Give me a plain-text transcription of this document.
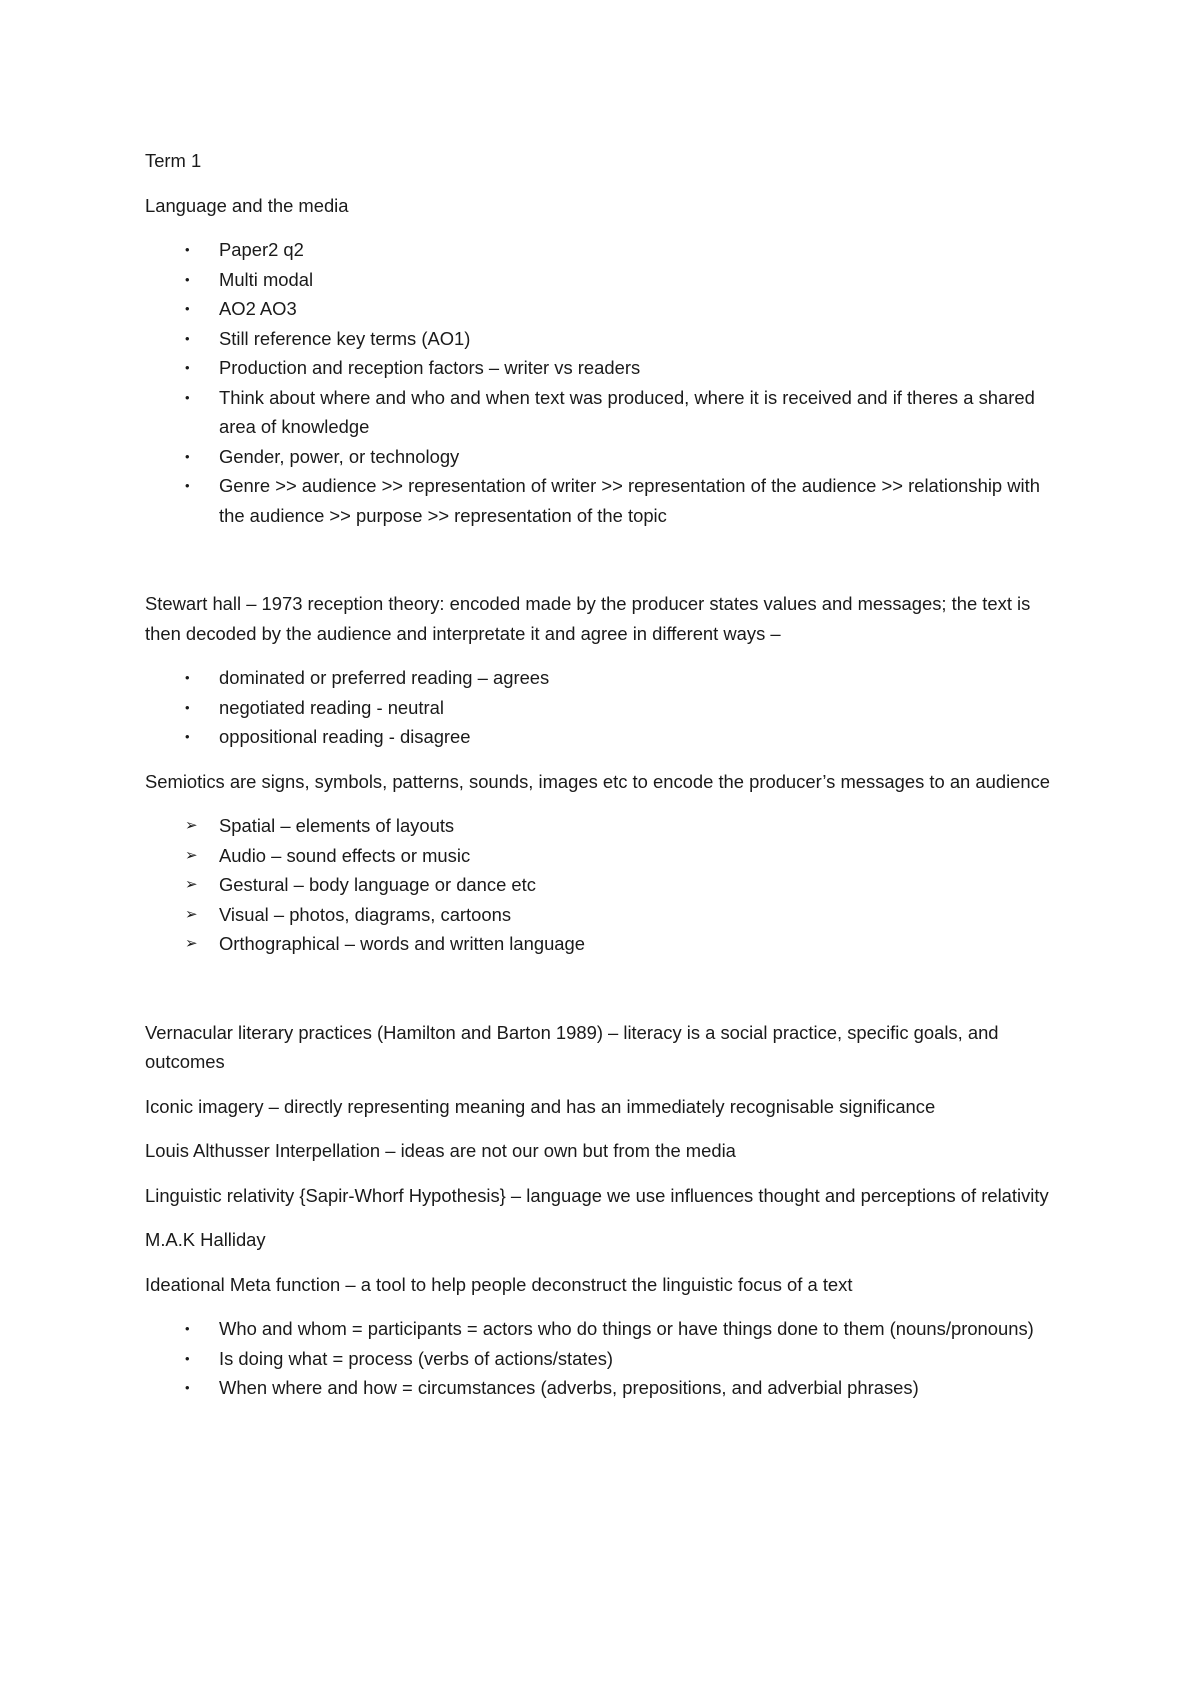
Term 1

Language and the media

•	Paper2 q2
•	Multi modal
•	AO2 AO3
•	Still reference key terms (AO1)
•	Production and reception factors – writer vs readers
•	Think about where and who and when text was produced, where it is received and if theres a shared area of knowledge
•	Gender, power, or technology
•	Genre >> audience >> representation of writer >> representation of the audience >> relationship with the audience >> purpose >> representation of the topic

Stewart hall – 1973 reception theory: encoded made by the producer states values and messages; the text is then decoded by the audience and interpretate it and agree in different ways –

•	dominated or preferred reading – agrees
•	negotiated reading - neutral
•	oppositional reading - disagree

Semiotics are signs, symbols, patterns, sounds, images etc to encode the producer’s messages to an audience

➢	Spatial – elements of layouts
➢	Audio – sound effects or music
➢	Gestural – body language or dance etc
➢	Visual – photos, diagrams, cartoons
➢	Orthographical – words and written language

Vernacular literary practices (Hamilton and Barton 1989) – literacy is a social practice, specific goals, and outcomes

Iconic imagery – directly representing meaning and has an immediately recognisable significance

Louis Althusser Interpellation – ideas are not our own but from the media

Linguistic relativity {Sapir-Whorf Hypothesis} – language we use influences thought and perceptions of relativity

M.A.K Halliday

Ideational Meta function – a tool to help people deconstruct the linguistic focus of a text

•	Who and whom = participants = actors who do things or have things done to them (nouns/pronouns)
•	Is doing what = process (verbs of actions/states)
•	When where and how = circumstances (adverbs, prepositions, and adverbial phrases)
